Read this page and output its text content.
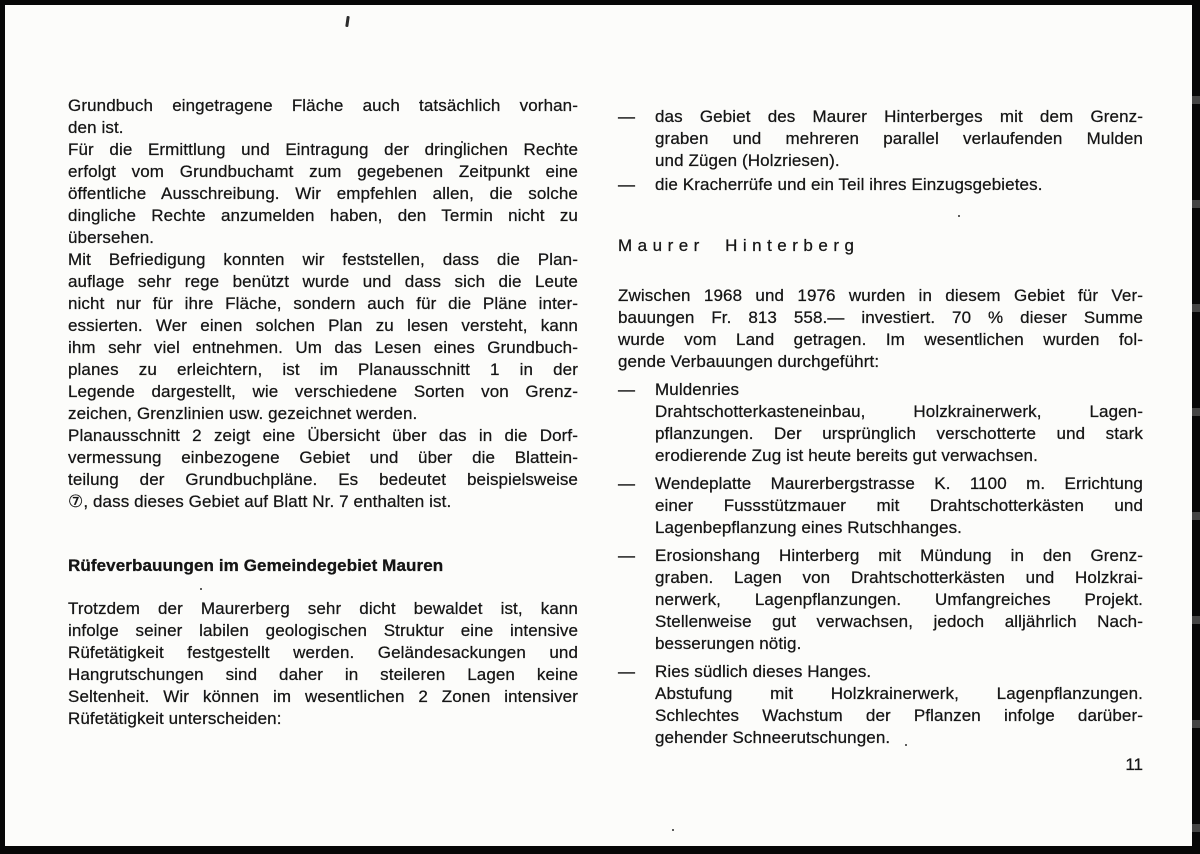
Grundbuch eingetragene Fläche auch tatsächlich vorhan-
den ist.
Für die Ermittlung und Eintragung der dringlichen Rechte
erfolgt vom Grundbuchamt zum gegebenen Zeitpunkt eine
öffentliche Ausschreibung. Wir empfehlen allen, die solche
dingliche Rechte anzumelden haben, den Termin nicht zu
übersehen.
Mit Befriedigung konnten wir feststellen, dass die Plan-
auflage sehr rege benützt wurde und dass sich die Leute
nicht nur für ihre Fläche, sondern auch für die Pläne inter-
essierten. Wer einen solchen Plan zu lesen versteht, kann
ihm sehr viel entnehmen. Um das Lesen eines Grundbuch-
planes zu erleichtern, ist im Planausschnitt 1 in der
Legende dargestellt, wie verschiedene Sorten von Grenz-
zeichen, Grenzlinien usw. gezeichnet werden.
Planausschnitt 2 zeigt eine Übersicht über das in die Dorf-
vermessung einbezogene Gebiet und über die Blattein-
teilung der Grundbuchpläne. Es bedeutet beispielsweise
⑦, dass dieses Gebiet auf Blatt Nr. 7 enthalten ist.
Rüfeverbauungen im Gemeindegebiet Mauren
Trotzdem der Maurerberg sehr dicht bewaldet ist, kann
infolge seiner labilen geologischen Struktur eine intensive
Rüfetätigkeit festgestellt werden. Geländesackungen und
Hangrutschungen sind daher in steileren Lagen keine
Seltenheit. Wir können im wesentlichen 2 Zonen intensiver
Rüfetätigkeit unterscheiden:
— das Gebiet des Maurer Hinterberges mit dem Grenz-
graben und mehreren parallel verlaufenden Mulden
und Zügen (Holzriesen).
— die Kracherrüfe und ein Teil ihres Einzugsgebietes.
Maurer Hinterberg
Zwischen 1968 und 1976 wurden in diesem Gebiet für Ver-
bauungen Fr. 813 558.— investiert. 70 % dieser Summe
wurde vom Land getragen. Im wesentlichen wurden fol-
gende Verbauungen durchgeführt:
— Muldenries
Drahtschotterkasteneinbau, Holzkrainerwerk, Lagen-
pflanzungen. Der ursprünglich verschotterte und stark
erodierende Zug ist heute bereits gut verwachsen.
— Wendeplatte Maurerbergstrasse K. 1100 m. Errichtung
einer Fussstützmauer mit Drahtschotterkästen und
Lagenbepflanzung eines Rutschhanges.
— Erosionshang Hinterberg mit Mündung in den Grenz-
graben. Lagen von Drahtschotterkästen und Holzkrai-
nerwerk, Lagenpflanzungen. Umfangreiches Projekt.
Stellenweise gut verwachsen, jedoch alljährlich Nach-
besserungen nötig.
— Ries südlich dieses Hanges.
Abstufung mit Holzkrainerwerk, Lagenpflanzungen.
Schlechtes Wachstum der Pflanzen infolge darüber-
gehender Schneerutschungen.
11
